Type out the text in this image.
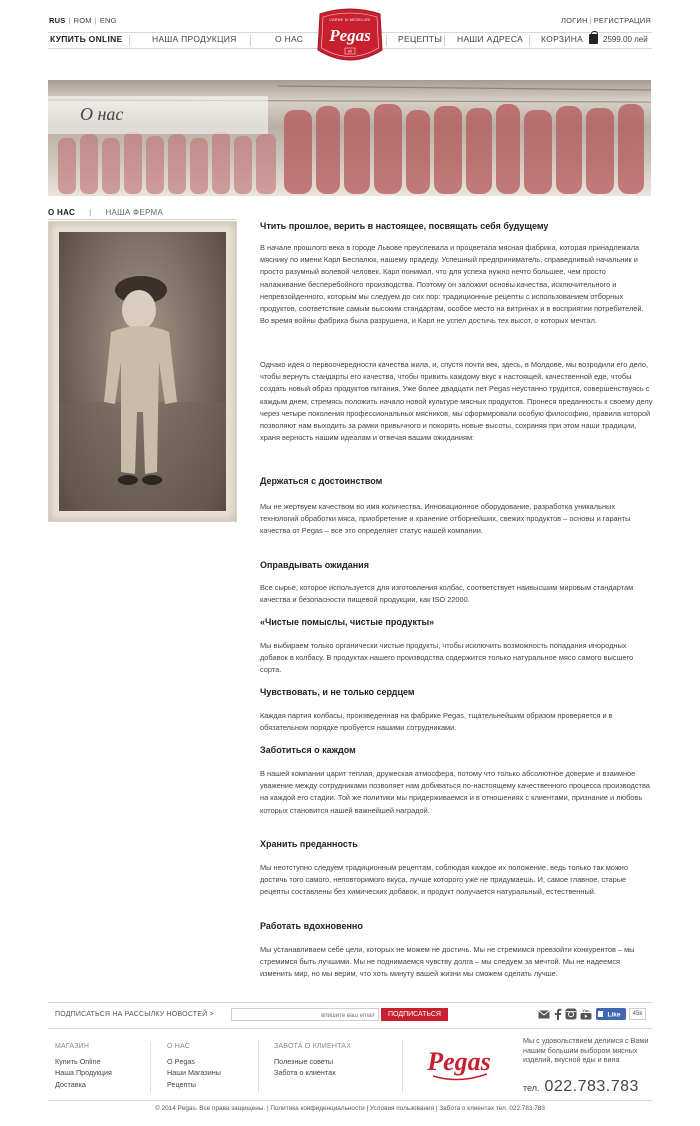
RUS | ROM | ENG	ЛОГИН | РЕГИСТРАЦИЯ
КУПИТЬ ONLINE	НАША ПРОДУКЦИЯ	О НАС	РЕЦЕПТЫ НАШИ АДРЕСА КОРЗИНА 2599.00 лей
CARNE ȘI MEZELURI
Pegas
92
О нас
О НАС | НАША ФЕРМА
Чтить прошлое, верить в настоящее, посвящать себя будущему
В начале прошлого века в городе Львове преуспевала и процветала мясная фабрика, которая принадлежала мяснику по имени Карл Беспалюк, нашему прадеду. Успешный предприниматель, справедливый начальник и просто разумный волевой человек, Карл понимал, что для успеха нужно нечто большее, чем просто налаживание бесперебойного производства. Поэтому он заложил основы качества, исключительного и непревзойденного, которым мы следуем до сих пор: традиционные рецепты с использованием отборных продуктов, соответствие самым высоким стандартам, особое место на витринах и в восприятии потребителей. Во время войны фабрика была разрушена, и Карл не успел достичь тех высот, о которых мечтал.
Однако идея о первоочередности качества жила, и, спустя почти век, здесь, в Молдове, мы возродили его дело, чтобы вернуть стандарты его качества, чтобы привить каждому вкус к настоящей, качественной еде, чтобы создать новый образ продуктов питания. Уже более двадцати лет Pegas неустанно трудится, совершенствуясь с каждым днем, стремясь положить начало новой культуре мясных продуктов. Пронеся преданность к своему делу через четыре поколения профессиональных мясников, мы сформировали особую философию, правила которой позволяют нам выходить за рамки привычного и покорять новые высоты, сохраняя при этом наши традиции, храня верность нашим идеалам и отвечая вашим ожиданиям:
Держаться с достоинством
Мы не жертвуем качеством во имя количества. Инновационное оборудование, разработка уникальных технологий обработки мяса, приобретение и хранение отборнейших, свежих продуктов – основы и гаранты качества от Pegas – все это определяет статус нашей компании.
Оправдывать ожидания
Все сырье, которое используется для изготовления колбас, соответствует наивысшим мировым стандартам качества и безопасности пищевой продукции, как ISO 22000.
«Чистые помыслы, чистые продукты»
Мы выбираем только органически чистые продукты, чтобы исключить возможность попадания инородных добавок в колбасу. В продуктах нашего производства содержится только натуральное мясо самого высшего сорта.
Чувствовать, и не только сердцем
Каждая партия колбасы, произведенная на фабрике Pegas, тщательнейшим образом проверяется и в обязательном порядке пробуется нашими сотрудниками.
Заботиться о каждом
В нашей компании царит теплая, дружеская атмосфера, потому что только абсолютное доверие и взаимное уважение между сотрудниками позволяет нам добиваться по-настоящему качественного процесса производства на каждой его стадии. Той же политики мы придерживаемся и в отношениях с клиентами, признание и любовь которых становится нашей важнейшей наградой.
Хранить преданность
Мы неотступно следуем традиционным рецептам, соблюдая каждое их положение, ведь только так можно достичь того самого, неповторимого вкуса, лучше которого уже не придумаешь. И, самое главное, старые рецепты составлены без химических добавок, и продукт получается натуральный, естественный.
Работать вдохновенно
Мы устанавливаем себе цели, которых не можем не достичь. Мы не стремимся превзойти конкурентов – мы стремимся быть лучшими. Мы не поднимаемся чувству долга – мы следуем за мечтой. Мы не надеемся изменить мир, но мы верим, что хоть минуту вашей жизни мы сможем сделать лучше.
ПОДПИСАТЬСЯ НА РАССЫЛКУ НОВОСТЕЙ >
впишите ваш email	ПОДПИСАТЬСЯ
You
Like	45k
МАГАЗИН
Купить Online
Наша Продукция
Доставка
О НАС
О Pegas
Наши Магазины
Рецепты
ЗАБОТА О КЛИЕНТАХ
Полезные советы
Забота о клиентах	Pegas
Мы с удовольствием делимся с Вами нашим большим выбором мясных изделий, вкусной еды и вина
тел. 022.783.783
© 2014 Pegas. Все права защищены. | Политика конфиденциальности | Условия пользования | Забота о клиентах тел. 022.783.783
